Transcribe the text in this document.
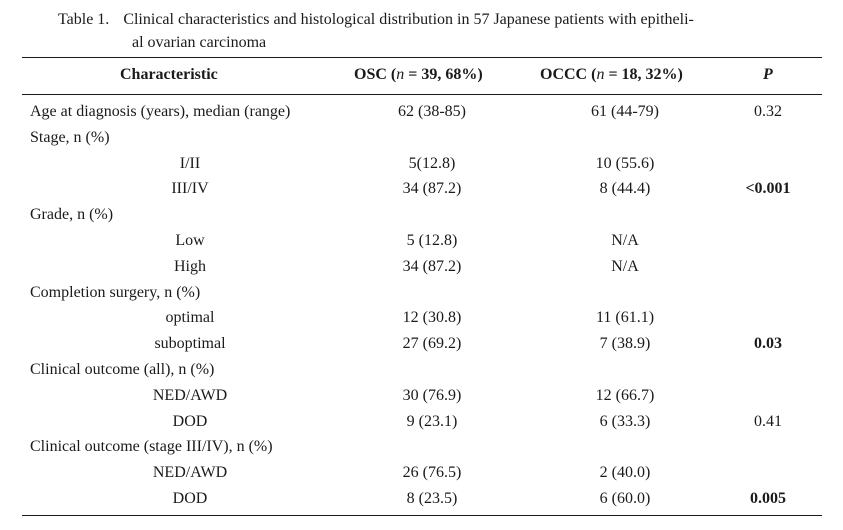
Table 1. Clinical characteristics and histological distribution in 57 Japanese patients with epitheli-
al ovarian carcinoma
Characteristic	OSC (n = 39, 68%)	OCCC (n = 18, 32%)	P
Age at diagnosis (years), median (range)	62 (38-85)	61 (44-79)	0.32
Stage, n (%)
I/II	5(12.8)	10 (55.6)
III/IV	34 (87.2)	8 (44.4)	<0.001
Grade, n (%)
Low	5 (12.8)	N/A
High	34 (87.2)	N/A
Completion surgery, n (%)
optimal	12 (30.8)	11 (61.1)
suboptimal	27 (69.2)	7 (38.9)	0.03
Clinical outcome (all), n (%)
NED/AWD	30 (76.9)	12 (66.7)
DOD	9 (23.1)	6 (33.3)	0.41
Clinical outcome (stage III/IV), n (%)
NED/AWD	26 (76.5)	2 (40.0)
DOD	8 (23.5)	6 (60.0)	0.005
